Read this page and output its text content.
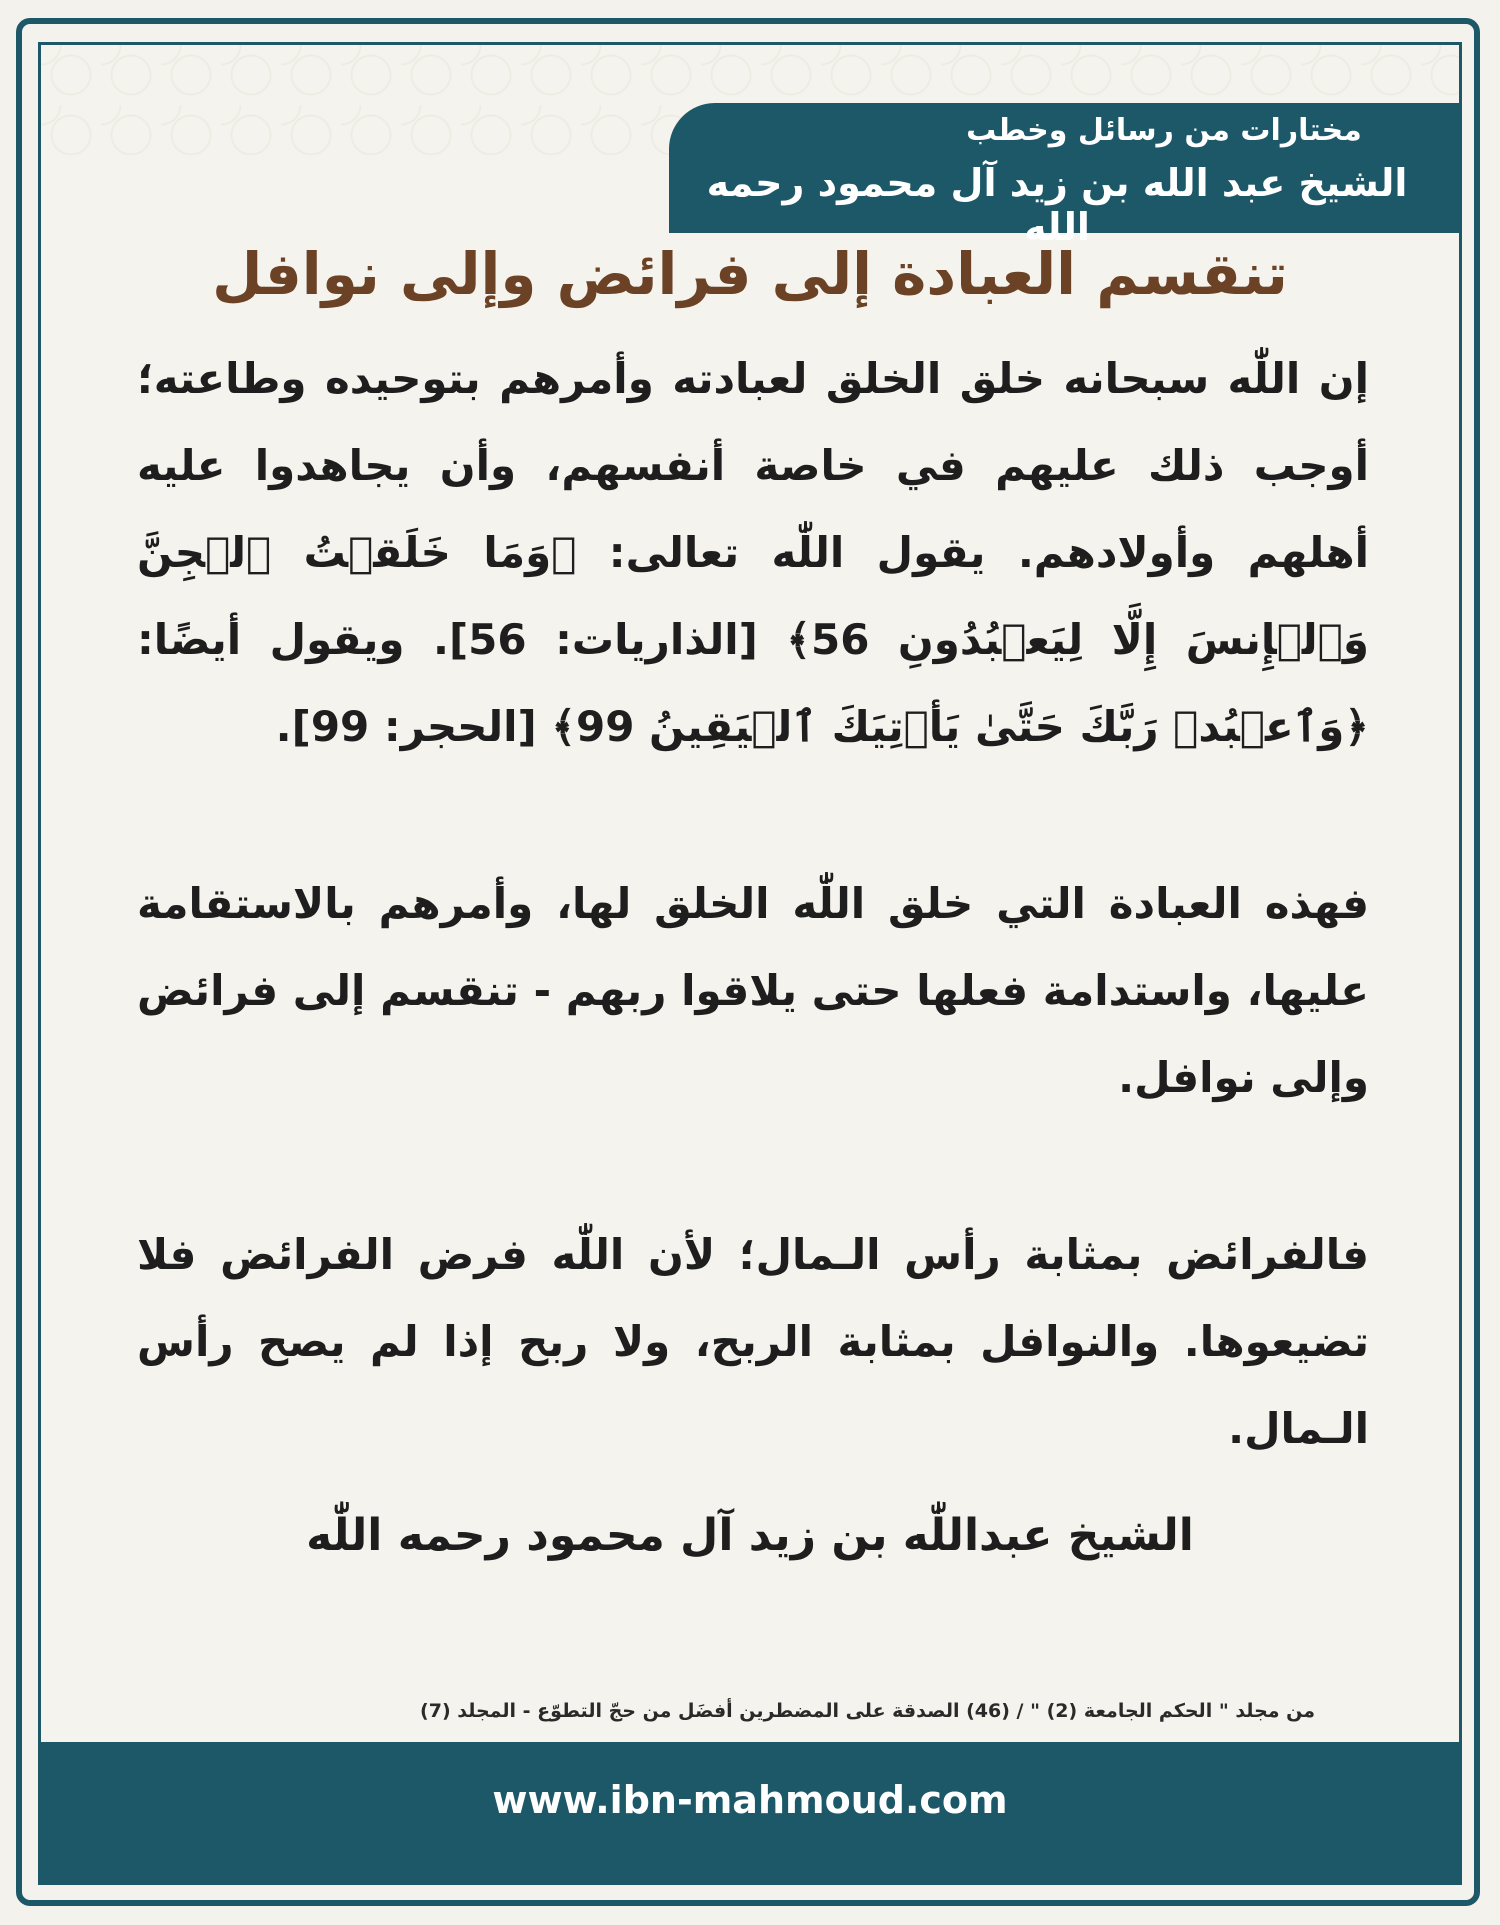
مختارات من رسائل وخطب
الشيخ عبد الله بن زيد آل محمود رحمه الله
تنقسم العبادة إلى فرائض وإلى نوافل

إن اللّٰه سبحانه خلق الخلق لعبادته وأمرهم بتوحيده وطاعته؛ أوجب ذلك عليهم في خاصة أنفسهم، وأن يجاهدوا عليه أهلهم وأولادهم. يقول اللّٰه تعالى: ﴿وَمَا خَلَقۡتُ ٱلۡجِنَّ وَٱلۡإِنسَ إِلَّا لِيَعۡبُدُونِ 56﴾ [الذاريات: 56]. ويقول أيضًا: ﴿وَٱعۡبُدۡ رَبَّكَ حَتَّىٰ يَأۡتِيَكَ ٱلۡيَقِينُ 99﴾ [الحجر: 99].

فهذه العبادة التي خلق اللّٰه الخلق لها، وأمرهم بالاستقامة عليها، واستدامة فعلها حتى يلاقوا ربهم - تنقسم إلى فرائض وإلى نوافل.

فالفرائض بمثابة رأس الـمال؛ لأن اللّٰه فرض الفرائض فلا تضيعوها. والنوافل بمثابة الربح، ولا ربح إذا لم يصح رأس الـمال.

الشيخ عبداللّٰه بن زيد آل محمود رحمه اللّٰه
من مجلد " الحكم الجامعة (2) " / (46) الصدقة على المضطرين أفضَل من حجّ التطوّع - المجلد (7)
www.ibn-mahmoud.com
